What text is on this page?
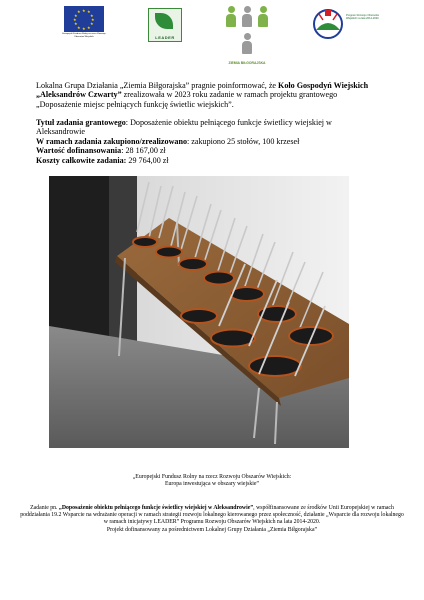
★ ★
★
★
★
★
★
★
★
★
★
★
Europejski Fundusz Rolny na rzecz Rozwoju Obszarów Wiejskich	LEADER

ZIEMIA BIŁGORAJSKA
Program Rozwoju Obszarów Wiejskich na lata 2014-2020

Lokalna Grupa Działania „Ziemia Biłgorajska” pragnie poinformować, że Koło Gospodyń Wiejskich „Aleksandrów Czwarty” zrealizowała w 2023 roku zadanie w ramach projektu grantowego „Doposażenie miejsc pełniących funkcję świetlic wiejskich”.

Tytuł zadania grantowego: Doposażenie obiektu pełniącego funkcje świetlicy wiejskiej w Aleksandrowie

W ramach zadania zakupiono/zrealizowano: zakupiono 25 stołów, 100 krzeseł

Wartość dofinansowania: 28 167,00 zł

Koszty całkowite zadania: 29 764,00 zł

„Europejski Fundusz Rolny na rzecz Rozwoju Obszarów Wiejskich:

Europa inwestująca w obszary wiejskie”

Zadanie pn. „Doposażenie obiektu pełniącego funkcje świetlicy wiejskiej w Aleksandrowie”, współfinansowane ze środków Unii Europejskiej w ramach poddziałania 19.2 Wsparcie na wdrażanie operacji w ramach strategii rozwoju lokalnego kierowanego przez społeczność, działanie „Wsparcie dla rozwoju lokalnego w ramach inicjatywy LEADER” Programu Rozwoju Obszarów Wiejskich na lata 2014-2020.

Projekt dofinansowany za pośrednictwem Lokalnej Grupy Działania „Ziemia Biłgorajska”
